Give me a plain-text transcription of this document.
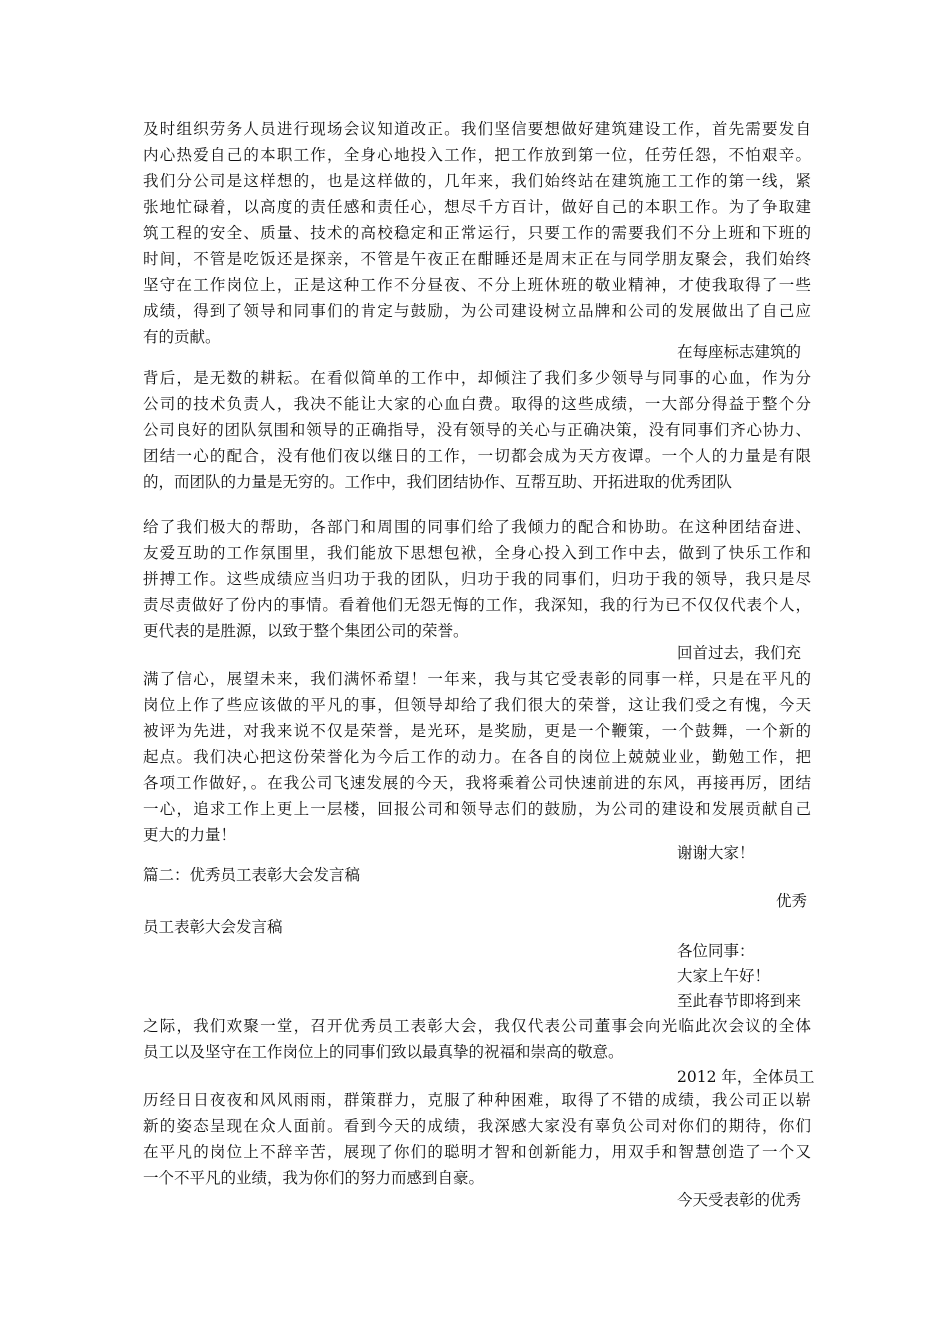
及时组织劳务人员进行现场会议知道改正。我们坚信要想做好建筑建设工作，首先需要发自
内心热爱自己的本职工作，全身心地投入工作，把工作放到第一位，任劳任怨，不怕艰辛。
我们分公司是这样想的，也是这样做的，几年来，我们始终站在建筑施工工作的第一线，紧
张地忙碌着，以高度的责任感和责任心，想尽千方百计，做好自己的本职工作。为了争取建
筑工程的安全、质量、技术的高校稳定和正常运行，只要工作的需要我们不分上班和下班的
时间，不管是吃饭还是探亲，不管是午夜正在酣睡还是周末正在与同学朋友聚会，我们始终
坚守在工作岗位上，正是这种工作不分昼夜、不分上班休班的敬业精神，才使我取得了一些
成绩，得到了领导和同事们的肯定与鼓励，为公司建设树立品牌和公司的发展做出了自己应
有的贡献。
在每座标志建筑的
背后，是无数的耕耘。在看似简单的工作中，却倾注了我们多少领导与同事的心血，作为分
公司的技术负责人，我决不能让大家的心血白费。取得的这些成绩，一大部分得益于整个分
公司良好的团队氛围和领导的正确指导，没有领导的关心与正确决策，没有同事们齐心协力、
团结一心的配合，没有他们夜以继日的工作，一切都会成为天方夜谭。一个人的力量是有限
的，而团队的力量是无穷的。工作中，我们团结协作、互帮互助、开拓进取的优秀团队
给了我们极大的帮助，各部门和周围的同事们给了我倾力的配合和协助。在这种团结奋进、
友爱互助的工作氛围里，我们能放下思想包袱，全身心投入到工作中去，做到了快乐工作和
拼搏工作。这些成绩应当归功于我的团队，归功于我的同事们，归功于我的领导，我只是尽
责尽责做好了份内的事情。看着他们无怨无悔的工作，我深知，我的行为已不仅仅代表个人，
更代表的是胜源，以致于整个集团公司的荣誉。
回首过去，我们充
满了信心，展望未来，我们满怀希望！一年来，我与其它受表彰的同事一样，只是在平凡的
岗位上作了些应该做的平凡的事，但领导却给了我们很大的荣誉，这让我们受之有愧，今天
被评为先进，对我来说不仅是荣誉，是光环，是奖励，更是一个鞭策，一个鼓舞，一个新的
起点。我们决心把这份荣誉化为今后工作的动力。在各自的岗位上兢兢业业，勤勉工作，把
各项工作做好，。在我公司飞速发展的今天，我将乘着公司快速前进的东风，再接再厉，团结
一心，追求工作上更上一层楼，回报公司和领导志们的鼓励，为公司的建设和发展贡献自己
更大的力量！
谢谢大家！
篇二：优秀员工表彰大会发言稿
优秀
员工表彰大会发言稿
各位同事：
大家上午好！
至此春节即将到来
之际，我们欢聚一堂，召开优秀员工表彰大会，我仅代表公司董事会向光临此次会议的全体
员工以及坚守在工作岗位上的同事们致以最真挚的祝福和崇高的敬意。
2012 年，全体员工
历经日日夜夜和风风雨雨，群策群力，克服了种种困难，取得了不错的成绩，我公司正以崭
新的姿态呈现在众人面前。看到今天的成绩，我深感大家没有辜负公司对你们的期待，你们
在平凡的岗位上不辞辛苦，展现了你们的聪明才智和创新能力，用双手和智慧创造了一个又
一个不平凡的业绩，我为你们的努力而感到自豪。
今天受表彰的优秀
